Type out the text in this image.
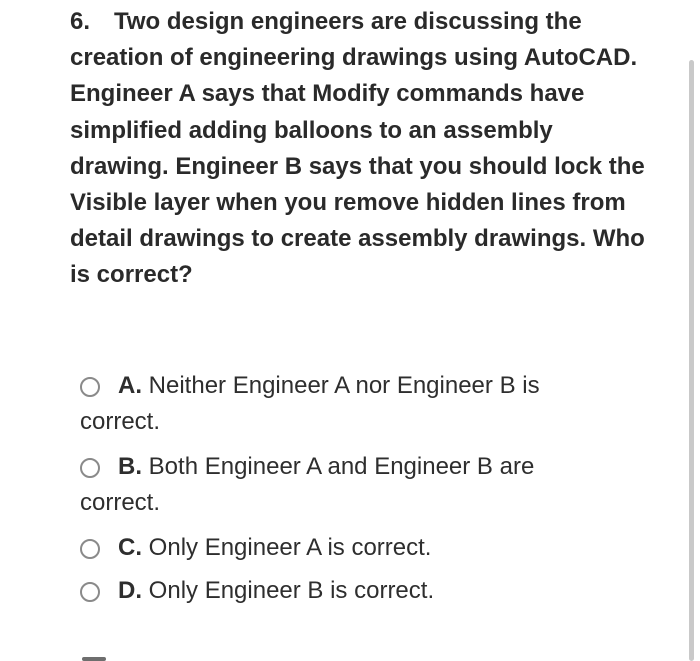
6. Two design engineers are discussing the creation of engineering drawings using AutoCAD. Engineer A says that Modify commands have simplified adding balloons to an assembly drawing. Engineer B says that you should lock the Visible layer when you remove hidden lines from detail drawings to create assembly drawings. Who is correct?
A. Neither Engineer A nor Engineer B is correct.
B. Both Engineer A and Engineer B are correct.
C. Only Engineer A is correct.
D. Only Engineer B is correct.
